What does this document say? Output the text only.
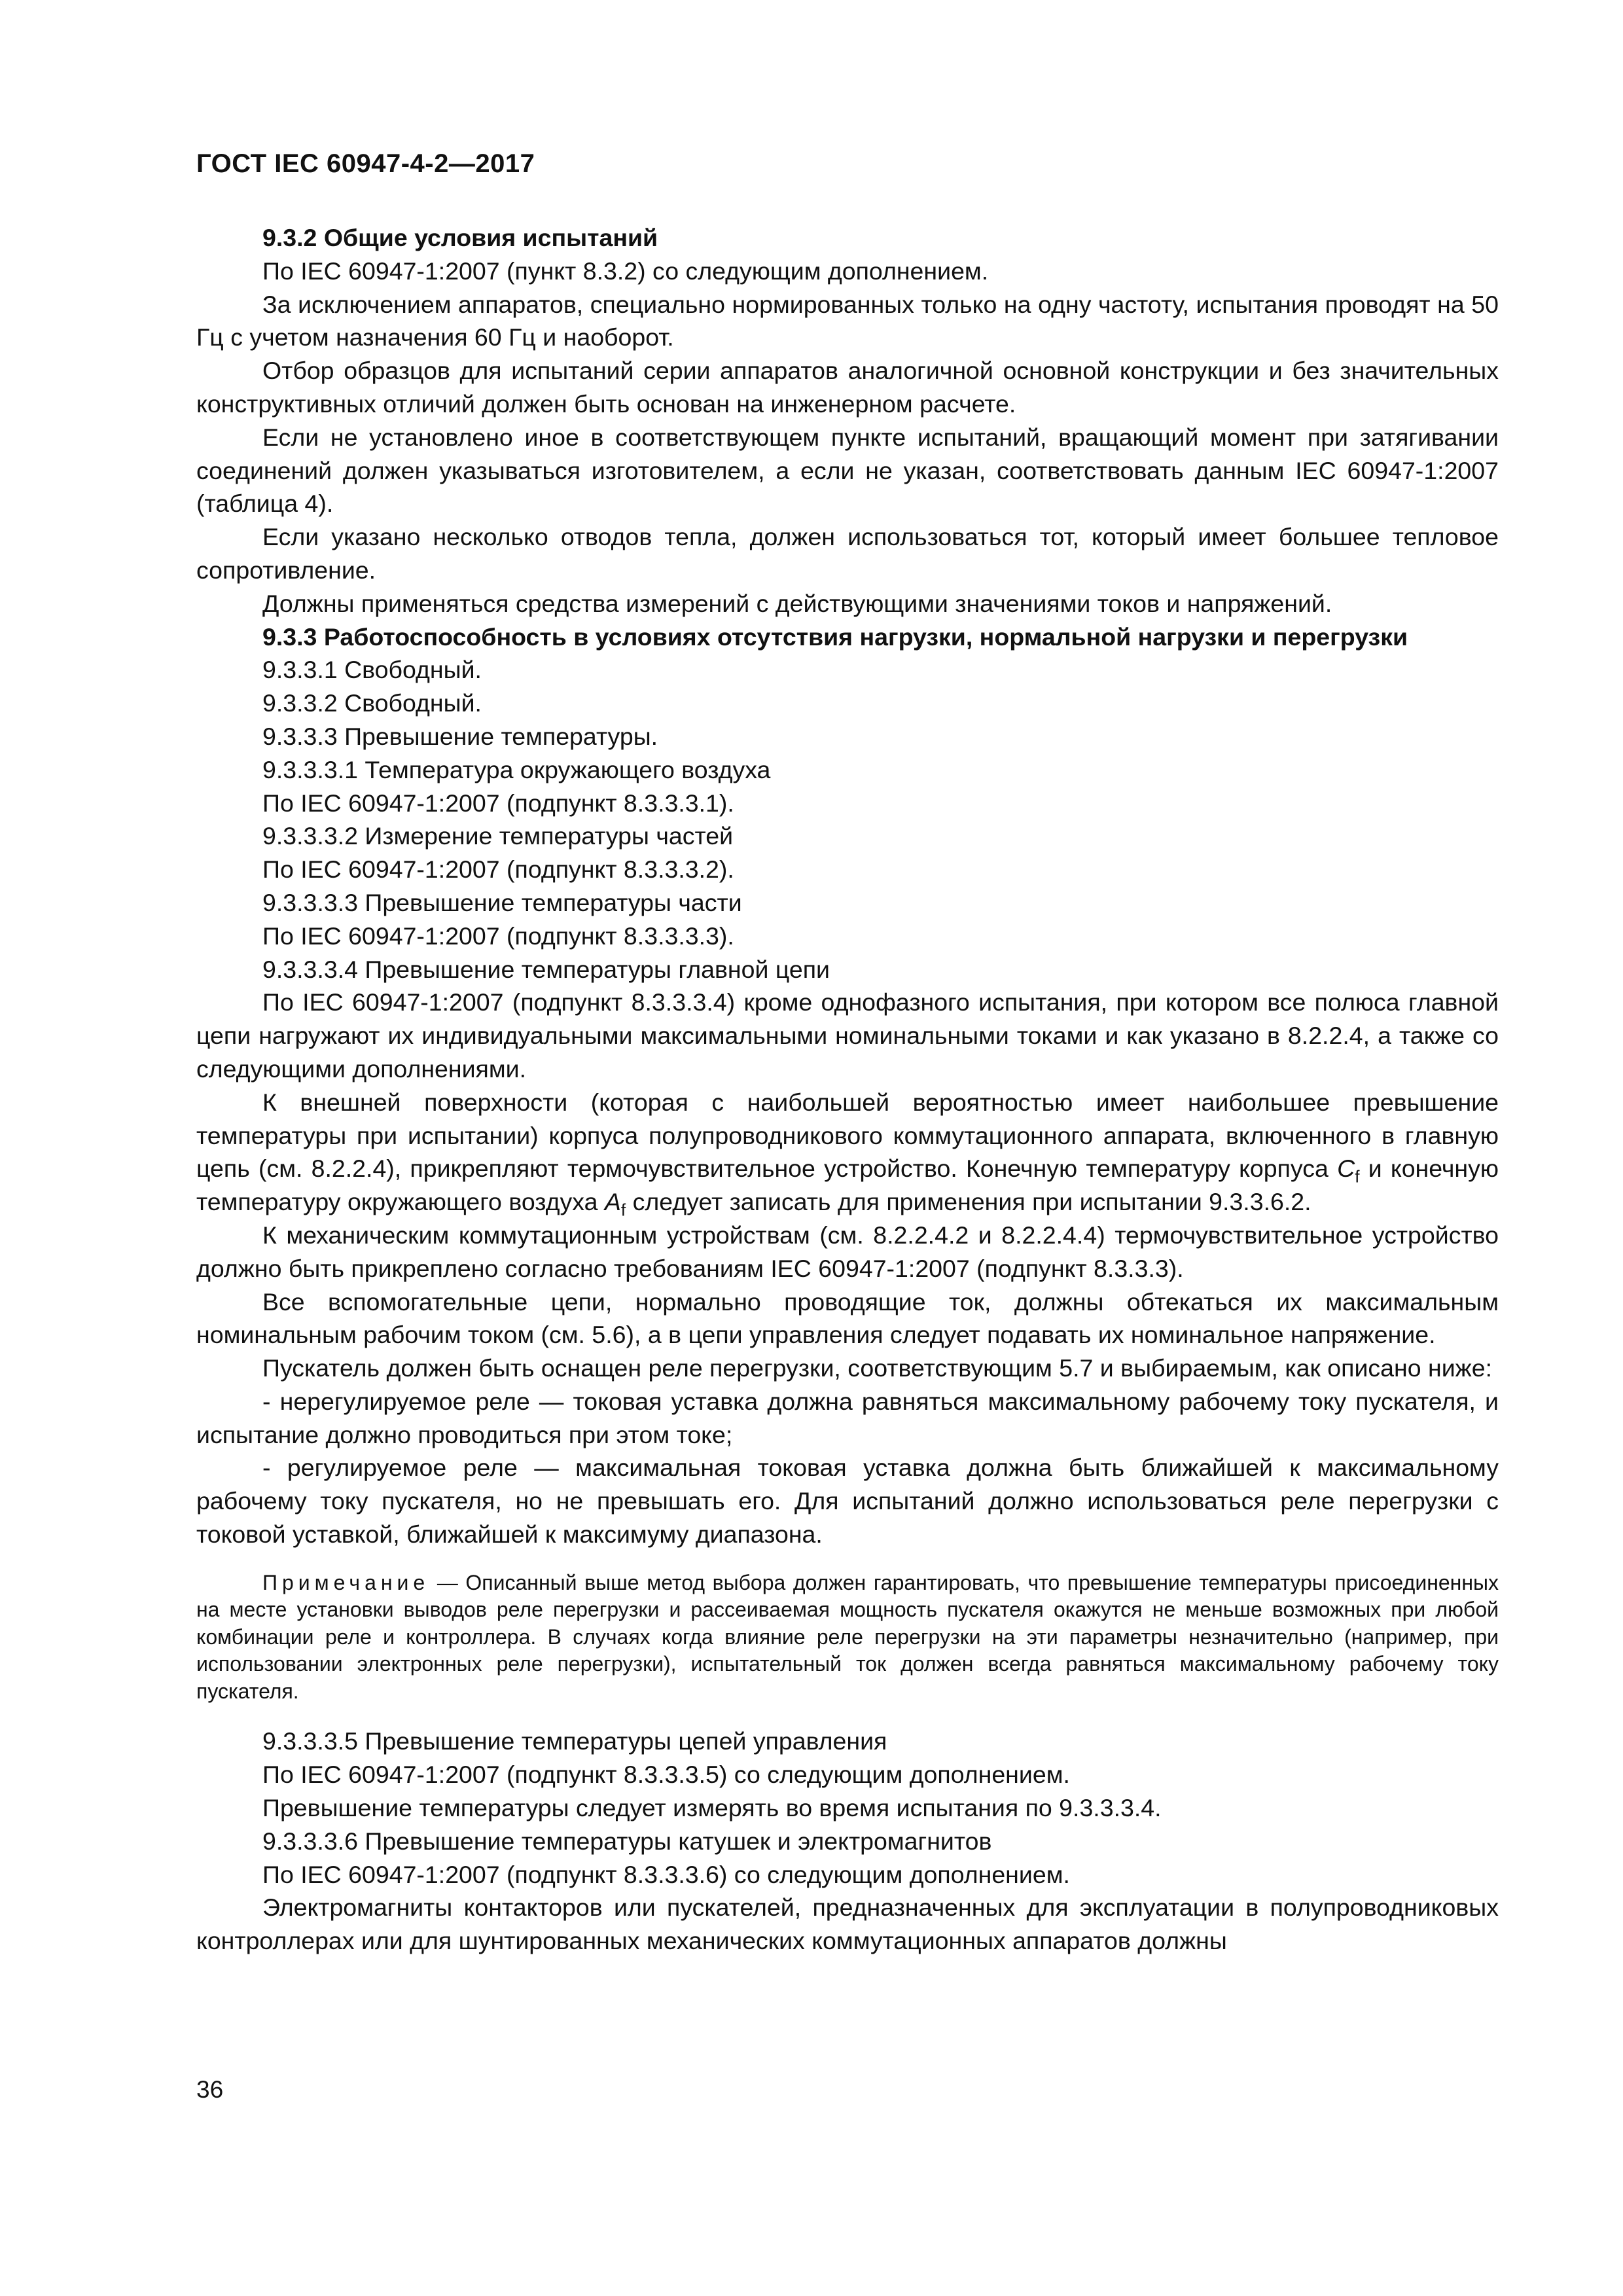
ГОСТ IEC 60947-4-2—2017

9.3.2 Общие условия испытаний

По IEC 60947-1:2007 (пункт 8.3.2) со следующим дополнением.

За исключением аппаратов, специально нормированных только на одну частоту, испытания проводят на 50 Гц с учетом назначения 60 Гц и наоборот.

Отбор образцов для испытаний серии аппаратов аналогичной основной конструкции и без значительных конструктивных отличий должен быть основан на инженерном расчете.

Если не установлено иное в соответствующем пункте испытаний, вращающий момент при затягивании соединений должен указываться изготовителем, а если не указан, соответствовать данным IEC 60947-1:2007 (таблица 4).

Если указано несколько отводов тепла, должен использоваться тот, который имеет большее тепловое сопротивление.

Должны применяться средства измерений с действующими значениями токов и напряжений.

9.3.3 Работоспособность в условиях отсутствия нагрузки, нормальной нагрузки и перегрузки

9.3.3.1 Свободный.

9.3.3.2 Свободный.

9.3.3.3 Превышение температуры.

9.3.3.3.1 Температура окружающего воздуха

По IEC 60947-1:2007 (подпункт 8.3.3.3.1).

9.3.3.3.2 Измерение температуры частей

По IEC 60947-1:2007 (подпункт 8.3.3.3.2).

9.3.3.3.3 Превышение температуры части

По IEC 60947-1:2007 (подпункт 8.3.3.3.3).

9.3.3.3.4 Превышение температуры главной цепи

По IEC 60947-1:2007 (подпункт 8.3.3.3.4) кроме однофазного испытания, при котором все полюса главной цепи нагружают их индивидуальными максимальными номинальными токами и как указано в 8.2.2.4, а также со следующими дополнениями.

К внешней поверхности (которая с наибольшей вероятностью имеет наибольшее превышение температуры при испытании) корпуса полупроводникового коммутационного аппарата, включенного в главную цепь (см. 8.2.2.4), прикрепляют термочувствительное устройство. Конечную температуру корпуса $C_f$ и конечную температуру окружающего воздуха $A_f$ следует записать для применения при испытании 9.3.3.6.2.

К механическим коммутационным устройствам (см. 8.2.2.4.2 и 8.2.2.4.4) термочувствительное устройство должно быть прикреплено согласно требованиям IEC 60947-1:2007 (подпункт 8.3.3.3).

Все вспомогательные цепи, нормально проводящие ток, должны обтекаться их максимальным номинальным рабочим током (см. 5.6), а в цепи управления следует подавать их номинальное напряжение.

Пускатель должен быть оснащен реле перегрузки, соответствующим 5.7 и выбираемым, как описано ниже:

- нерегулируемое реле — токовая уставка должна равняться максимальному рабочему току пускателя, и испытание должно проводиться при этом токе;

- регулируемое реле — максимальная токовая уставка должна быть ближайшей к максимальному рабочему току пускателя, но не превышать его. Для испытаний должно использоваться реле перегрузки с токовой уставкой, ближайшей к максимуму диапазона.

Примечание — Описанный выше метод выбора должен гарантировать, что превышение температуры присоединенных на месте установки выводов реле перегрузки и рассеиваемая мощность пускателя окажутся не меньше возможных при любой комбинации реле и контроллера. В случаях когда влияние реле перегрузки на эти параметры незначительно (например, при использовании электронных реле перегрузки), испытательный ток должен всегда равняться максимальному рабочему току пускателя.

9.3.3.3.5 Превышение температуры цепей управления

По IEC 60947-1:2007 (подпункт 8.3.3.3.5) со следующим дополнением.

Превышение температуры следует измерять во время испытания по 9.3.3.3.4.

9.3.3.3.6 Превышение температуры катушек и электромагнитов

По IEC 60947-1:2007 (подпункт 8.3.3.3.6) со следующим дополнением.

Электромагниты контакторов или пускателей, предназначенных для эксплуатации в полупроводниковых контроллерах или для шунтированных механических коммутационных аппаратов должны

36
